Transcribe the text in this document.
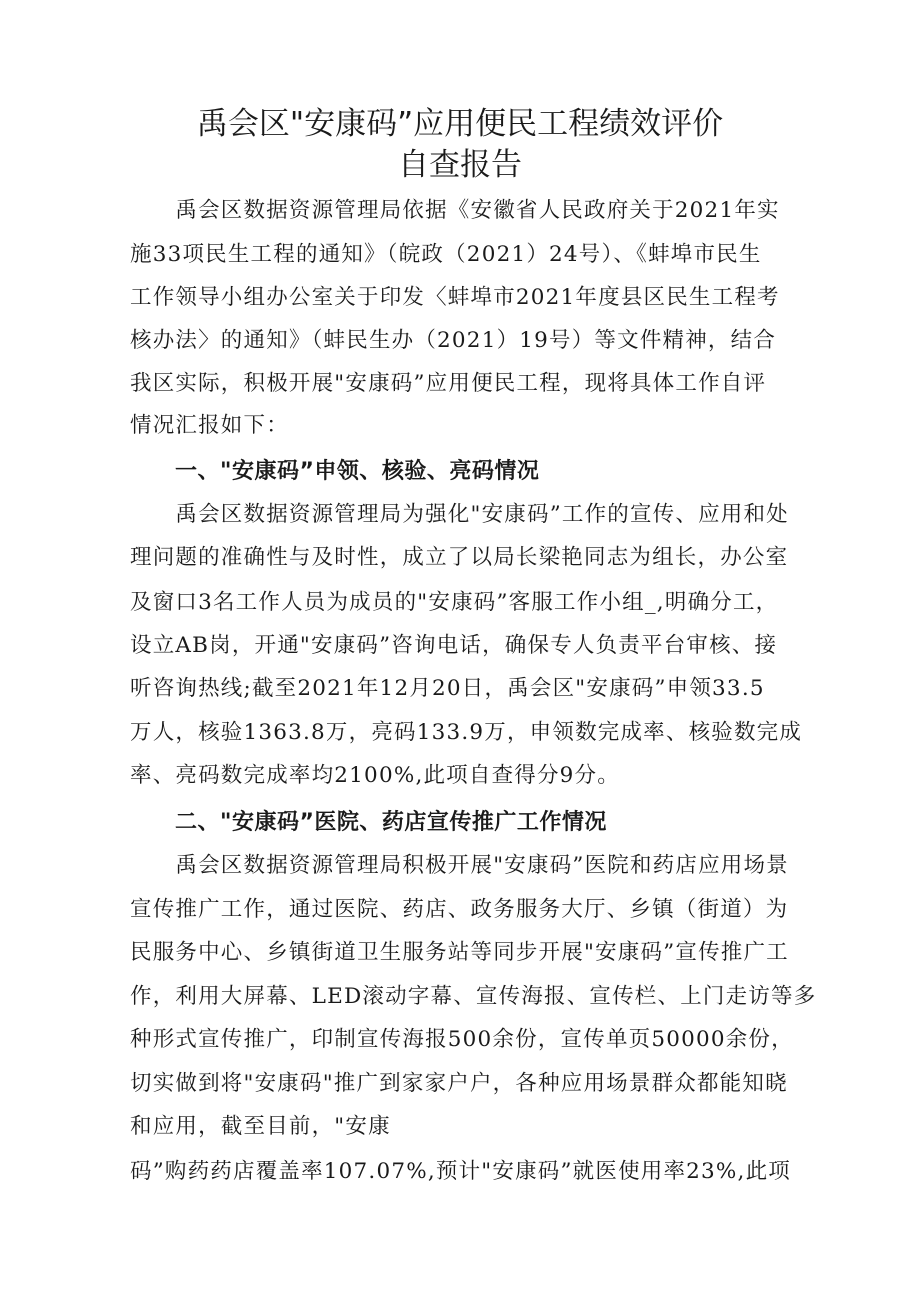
禹会区"安康码”应用便民工程绩效评价
自查报告

　　禹会区数据资源管理局依据《安徽省人民政府关于2021年实

施33项民生工程的通知》（皖政（2021）24号）、《蚌埠市民生

工作领导小组办公室关于印发〈蚌埠市2021年度县区民生工程考

核办法〉的通知》（蚌民生办（2021）19号）等文件精神，结合

我区实际，积极开展"安康码”应用便民工程，现将具体工作自评

情况汇报如下：

一、"安康码”申领、核验、亮码情况

　　禹会区数据资源管理局为强化"安康码”工作的宣传、应用和处

理问题的准确性与及时性，成立了以局长梁艳同志为组长，办公室

及窗口3名工作人员为成员的"安康码”客服工作小组_,明确分工，

设立AB岗，开通"安康码”咨询电话，确保专人负责平台审核、接

听咨询热线;截至2021年12月20日，禹会区"安康码”申领33.5

万人，核验1363.8万，亮码133.9万，申领数完成率、核验数完成

率、亮码数完成率均2100%,此项自查得分9分。

二、"安康码”医院、药店宣传推广工作情况

　　禹会区数据资源管理局积极开展"安康码”医院和药店应用场景

宣传推广工作，通过医院、药店、政务服务大厅、乡镇（街道）为

民服务中心、乡镇街道卫生服务站等同步开展"安康码”宣传推广工

作，利用大屏幕、LED滚动字幕、宣传海报、宣传栏、上门走访等多

种形式宣传推广，印制宣传海报500余份，宣传单页50000余份，

切实做到将"安康码"推广到家家户户，各种应用场景群众都能知晓

和应用，截至目前，"安康

码”购药药店覆盖率107.07%,预计"安康码”就医使用率23%,此项
